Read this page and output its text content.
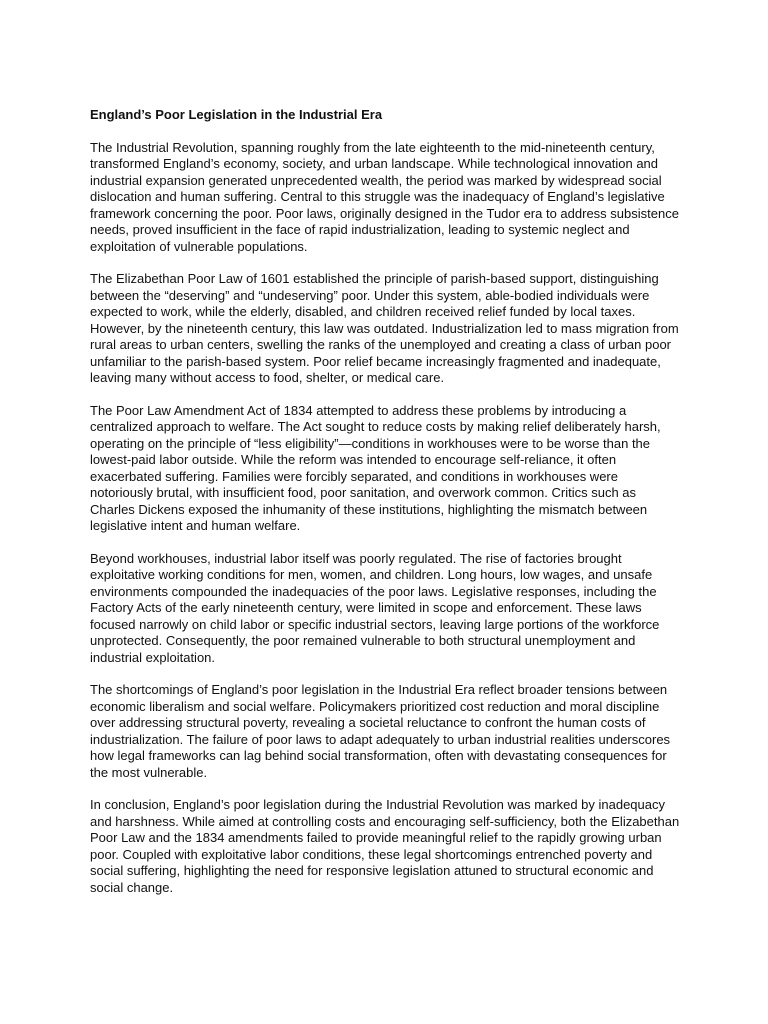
England’s Poor Legislation in the Industrial Era

The Industrial Revolution, spanning roughly from the late eighteenth to the mid-nineteenth century, transformed England’s economy, society, and urban landscape. While technological innovation and industrial expansion generated unprecedented wealth, the period was marked by widespread social dislocation and human suffering. Central to this struggle was the inadequacy of England’s legislative framework concerning the poor. Poor laws, originally designed in the Tudor era to address subsistence needs, proved insufficient in the face of rapid industrialization, leading to systemic neglect and exploitation of vulnerable populations.

The Elizabethan Poor Law of 1601 established the principle of parish-based support, distinguishing between the “deserving” and “undeserving” poor. Under this system, able-bodied individuals were expected to work, while the elderly, disabled, and children received relief funded by local taxes. However, by the nineteenth century, this law was outdated. Industrialization led to mass migration from rural areas to urban centers, swelling the ranks of the unemployed and creating a class of urban poor unfamiliar to the parish-based system. Poor relief became increasingly fragmented and inadequate, leaving many without access to food, shelter, or medical care.

The Poor Law Amendment Act of 1834 attempted to address these problems by introducing a centralized approach to welfare. The Act sought to reduce costs by making relief deliberately harsh, operating on the principle of “less eligibility”—conditions in workhouses were to be worse than the lowest-paid labor outside. While the reform was intended to encourage self-reliance, it often exacerbated suffering. Families were forcibly separated, and conditions in workhouses were notoriously brutal, with insufficient food, poor sanitation, and overwork common. Critics such as Charles Dickens exposed the inhumanity of these institutions, highlighting the mismatch between legislative intent and human welfare.

Beyond workhouses, industrial labor itself was poorly regulated. The rise of factories brought exploitative working conditions for men, women, and children. Long hours, low wages, and unsafe environments compounded the inadequacies of the poor laws. Legislative responses, including the Factory Acts of the early nineteenth century, were limited in scope and enforcement. These laws focused narrowly on child labor or specific industrial sectors, leaving large portions of the workforce unprotected. Consequently, the poor remained vulnerable to both structural unemployment and industrial exploitation.

The shortcomings of England’s poor legislation in the Industrial Era reflect broader tensions between economic liberalism and social welfare. Policymakers prioritized cost reduction and moral discipline over addressing structural poverty, revealing a societal reluctance to confront the human costs of industrialization. The failure of poor laws to adapt adequately to urban industrial realities underscores how legal frameworks can lag behind social transformation, often with devastating consequences for the most vulnerable.

In conclusion, England’s poor legislation during the Industrial Revolution was marked by inadequacy and harshness. While aimed at controlling costs and encouraging self-sufficiency, both the Elizabethan Poor Law and the 1834 amendments failed to provide meaningful relief to the rapidly growing urban poor. Coupled with exploitative labor conditions, these legal shortcomings entrenched poverty and social suffering, highlighting the need for responsive legislation attuned to structural economic and social change.
